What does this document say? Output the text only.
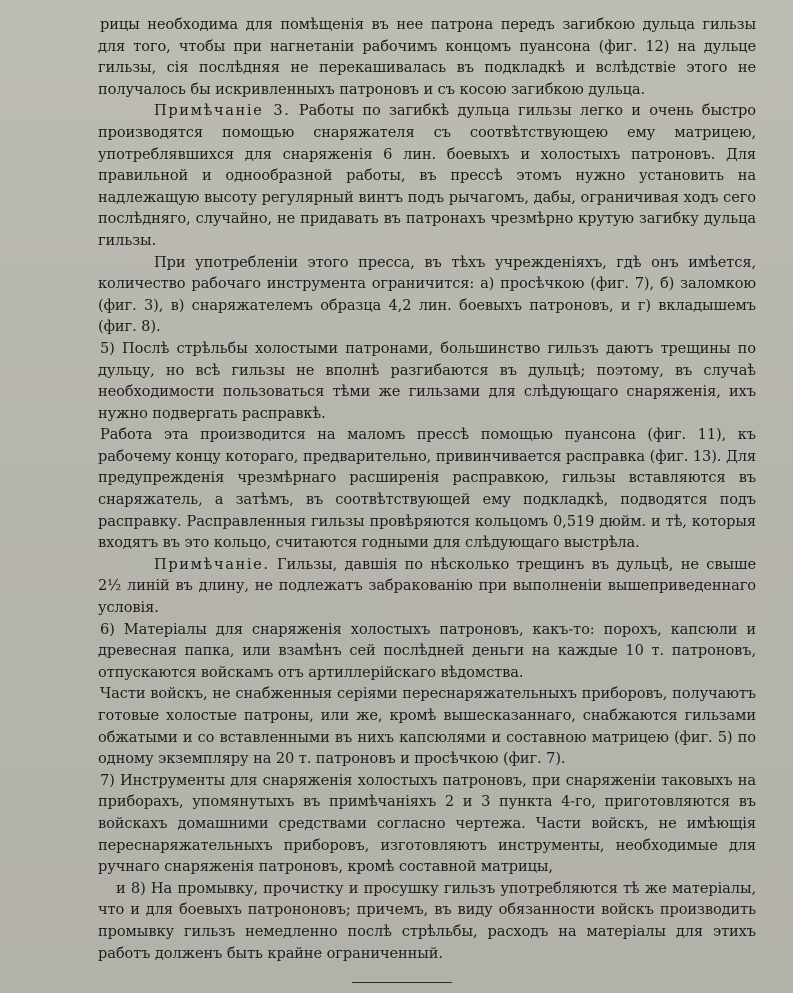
рицы необходима для помѣщенія въ нее патрона передъ загибкою дульца гильзы для того, чтобы при нагнетаніи рабочимъ концомъ пуансона (фиг. 12) на дульце гильзы, сія послѣдняя не перекашивалась въ подкладкѣ и вслѣдствіе этого не получалось бы искривленныхъ патроновъ и съ косою загибкою дульца.

Примѣчаніе 3. Работы по загибкѣ дульца гильзы легко и очень быстро производятся помощью снаряжателя съ соотвѣтствующею ему матрицею, употреблявшихся для снаряженія 6 лин. боевыхъ и холостыхъ патроновъ. Для правильной и однообразной работы, въ прессѣ этомъ нужно установить на надлежащую высоту регулярный винтъ подъ рычагомъ, дабы, ограничивая ходъ сего послѣдняго, случайно, не придавать въ патронахъ чрезмѣрно крутую загибку дульца гильзы.

При употребленіи этого пресса, въ тѣхъ учрежденіяхъ, гдѣ онъ имѣется, количество рабочаго инструмента ограничится: а) просѣчкою (фиг. 7), б) заломкою (фиг. 3), в) снаряжателемъ образца 4,2 лин. боевыхъ патроновъ, и г) вкладышемъ (фиг. 8).

5) Послѣ стрѣльбы холостыми патронами, большинство гильзъ даютъ трещины по дульцу, но всѣ гильзы не вполнѣ разгибаются въ дульцѣ; поэтому, въ случаѣ необходимости пользоваться тѣми же гильзами для слѣдующаго снаряженія, ихъ нужно подвергать расправкѣ.

Работа эта производится на маломъ прессѣ помощью пуансона (фиг. 11), къ рабочему концу котораго, предварительно, привинчивается расправка (фиг. 13). Для предупрежденія чрезмѣрнаго расширенія расправкою, гильзы вставляются въ снаряжатель, а затѣмъ, въ соотвѣтствующей ему подкладкѣ, подводятся подъ расправку. Расправленныя гильзы провѣряются кольцомъ 0,519 дюйм. и тѣ, которыя входятъ въ это кольцо, считаются годными для слѣдующаго выстрѣла.

Примѣчаніе. Гильзы, давшія по нѣсколько трещинъ въ дульцѣ, не свыше 2½ линій въ длину, не подлежатъ забракованію при выполненіи вышеприведеннаго условія.

6) Матеріалы для снаряженія холостыхъ патроновъ, какъ-то: порохъ, капсюли и древесная папка, или взамѣнъ сей послѣдней деньги на каждые 10 т. патроновъ, отпускаются войскамъ отъ артиллерійскаго вѣдомства.

Части войскъ, не снабженныя серіями переснаряжательныхъ приборовъ, получаютъ готовые холостые патроны, или же, кромѣ вышесказаннаго, снабжаются гильзами обжатыми и со вставленными въ нихъ капсюлями и составною матрицею (фиг. 5) по одному экземпляру на 20 т. патроновъ и просѣчкою (фиг. 7).

7) Инструменты для снаряженія холостыхъ патроновъ, при снаряженіи таковыхъ на приборахъ, упомянутыхъ въ примѣчаніяхъ 2 и 3 пункта 4-го, приготовляются въ войскахъ домашними средствами согласно чертежа. Части войскъ, не имѣющія переснаряжательныхъ приборовъ, изготовляютъ инструменты, необходимые для ручнаго снаряженія патроновъ, кромѣ составной матрицы,

и 8) На промывку, прочистку и просушку гильзъ употребляются тѣ же матеріалы, что и для боевыхъ патрононовъ; причемъ, въ виду обязанности войскъ производить промывку гильзъ немедленно послѣ стрѣльбы, расходъ на матеріалы для этихъ работъ долженъ быть крайне ограниченный.
